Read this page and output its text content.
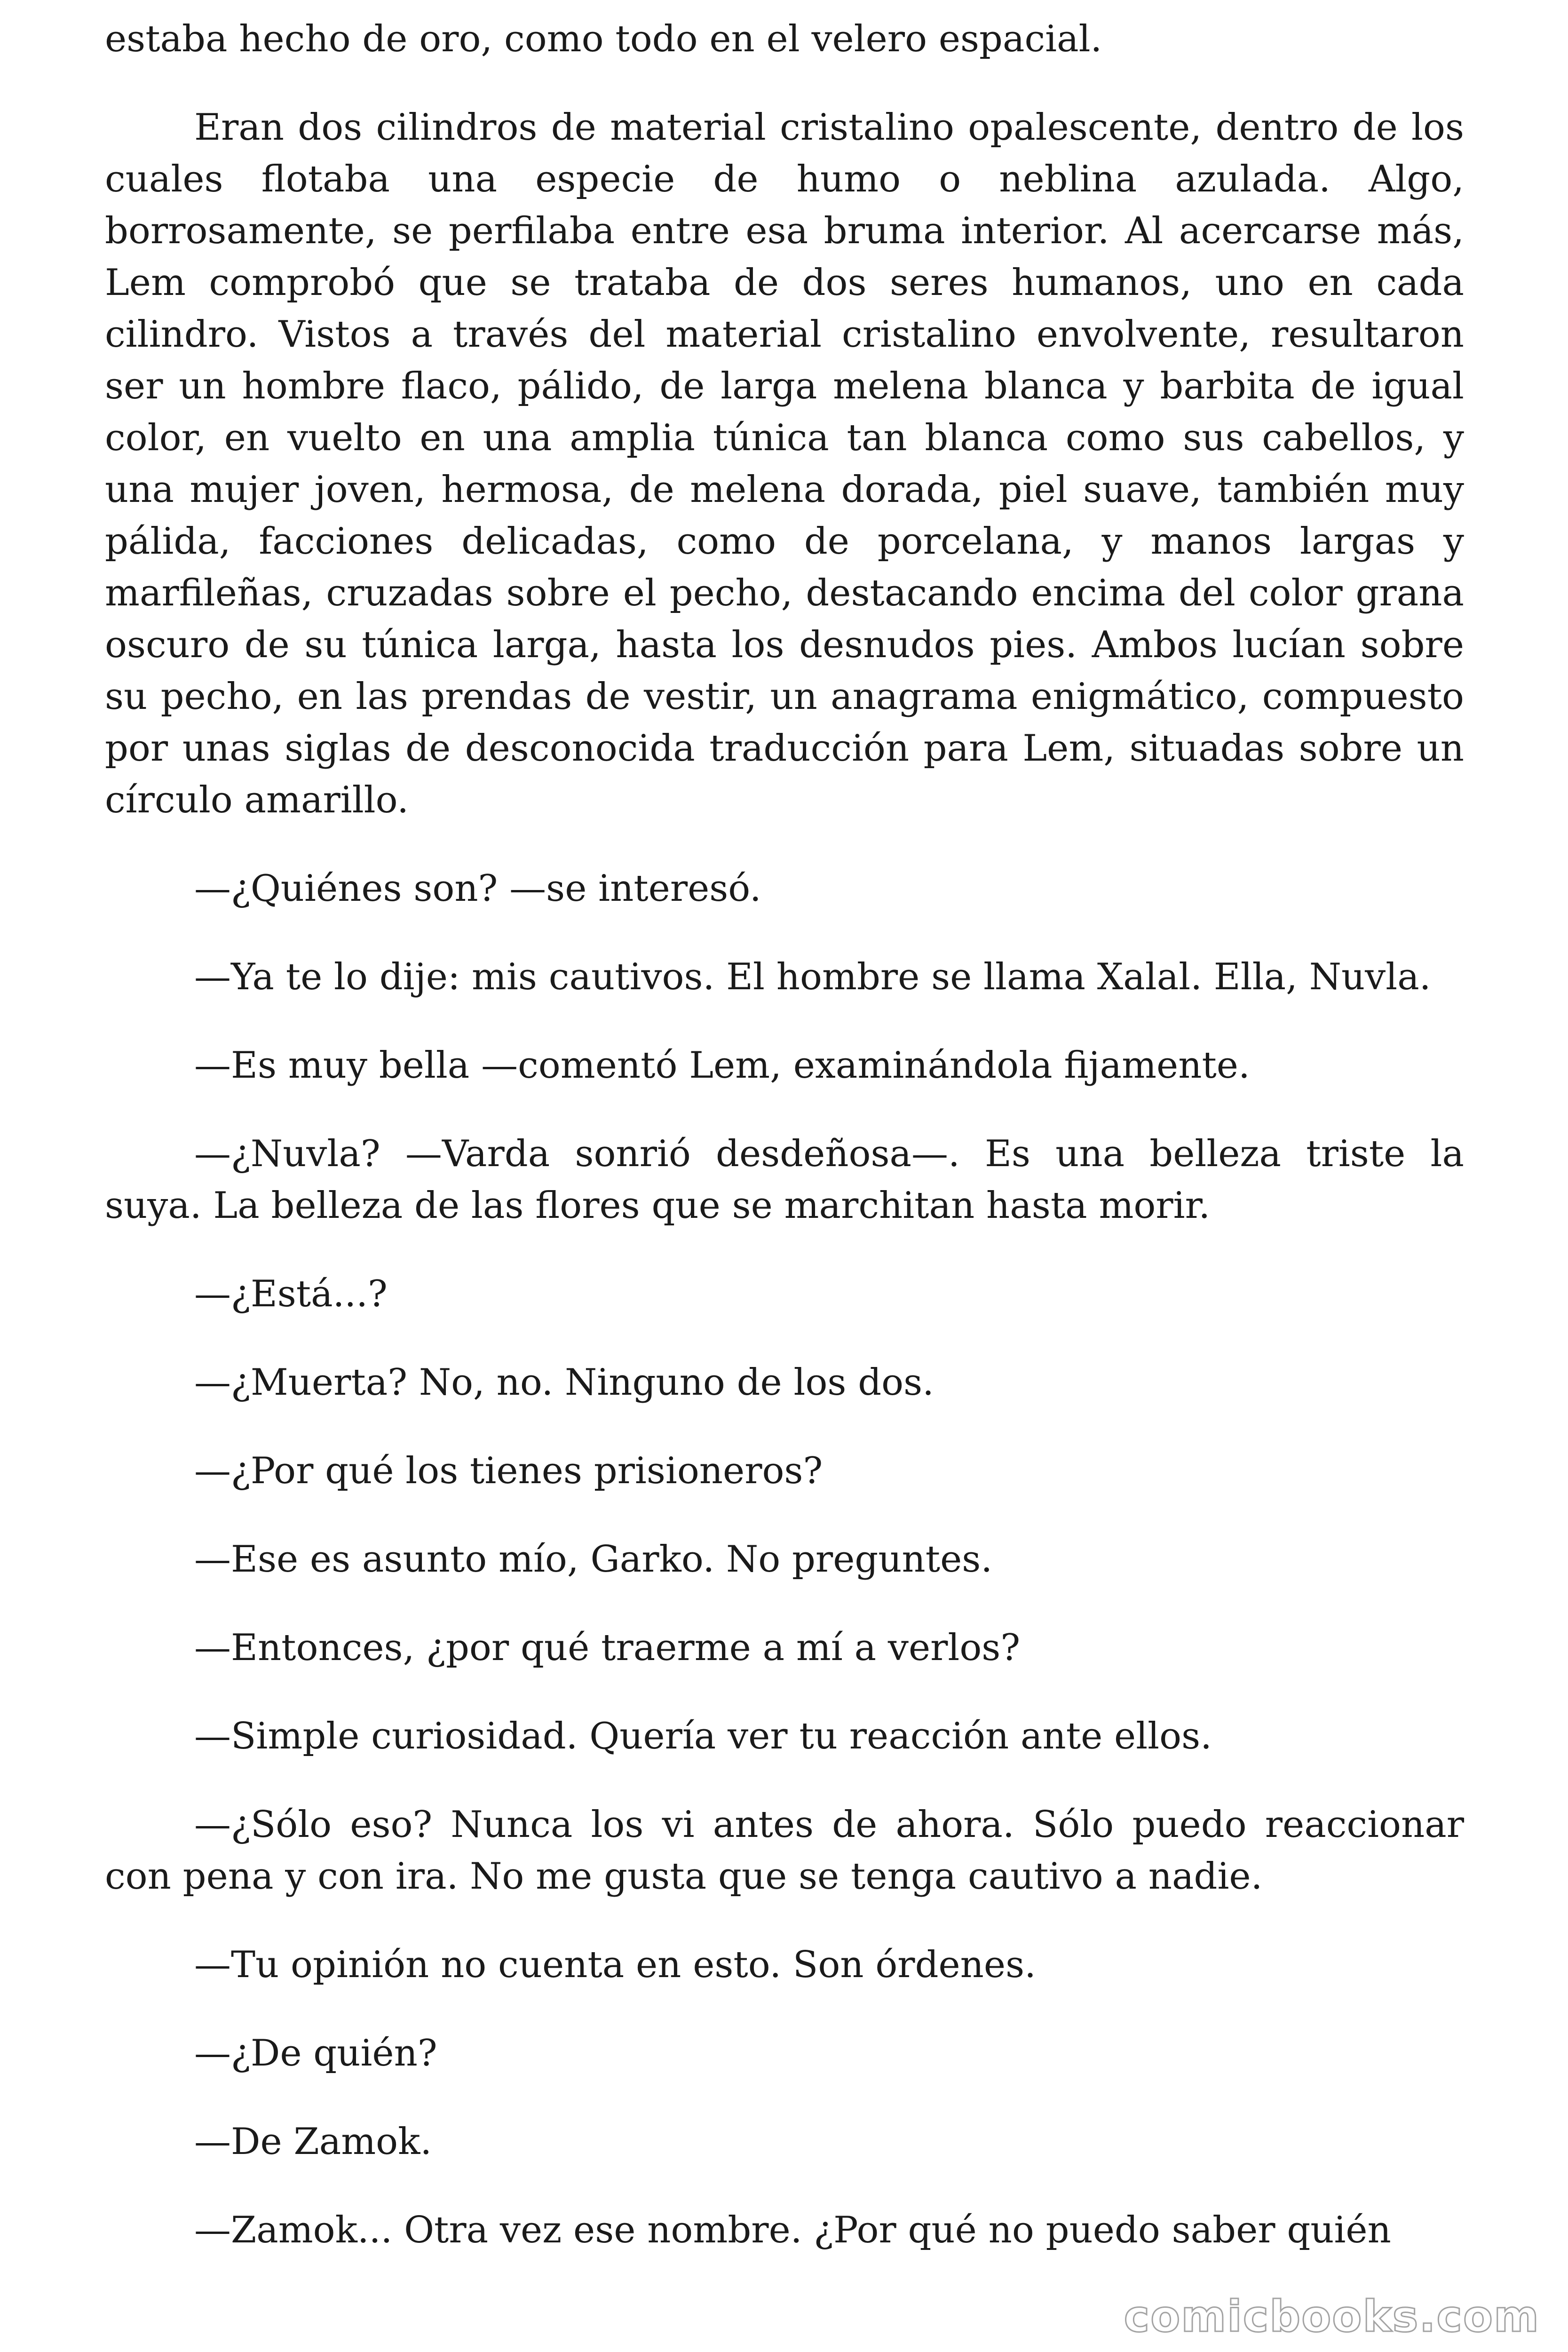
estaba hecho de oro, como todo en el velero espacial.

Eran dos cilindros de material cristalino opalescente, dentro de los cuales flotaba una especie de humo o neblina azulada. Algo, borrosamente, se perfilaba entre esa bruma interior. Al acercarse más, Lem comprobó que se trataba de dos seres humanos, uno en cada cilindro. Vistos a través del material cristalino envolvente, resultaron ser un hombre flaco, pálido, de larga melena blanca y barbita de igual color, en vuelto en una amplia túnica tan blanca como sus cabellos, y una mujer joven, hermosa, de melena dorada, piel suave, también muy pálida, facciones delicadas, como de porcelana, y manos largas y marfileñas, cruzadas sobre el pecho, destacando encima del color grana oscuro de su túnica larga, hasta los desnudos pies. Ambos lucían sobre su pecho, en las prendas de vestir, un anagrama enigmático, compuesto por unas siglas de desconocida traducción para Lem, situadas sobre un círculo amarillo.

—¿Quiénes son? —se interesó.

—Ya te lo dije: mis cautivos. El hombre se llama Xalal. Ella, Nuvla.

—Es muy bella —comentó Lem, examinándola fijamente.

—¿Nuvla? —Varda sonrió desdeñosa—. Es una belleza triste la suya. La belleza de las flores que se marchitan hasta morir.

—¿Está...?

—¿Muerta? No, no. Ninguno de los dos.

—¿Por qué los tienes prisioneros?

—Ese es asunto mío, Garko. No preguntes.

—Entonces, ¿por qué traerme a mí a verlos?

—Simple curiosidad. Quería ver tu reacción ante ellos.

—¿Sólo eso? Nunca los vi antes de ahora. Sólo puedo reaccionar con pena y con ira. No me gusta que se tenga cautivo a nadie.

—Tu opinión no cuenta en esto. Son órdenes.

—¿De quién?

—De Zamok.

—Zamok... Otra vez ese nombre. ¿Por qué no puedo saber quién

comicbooks.com
